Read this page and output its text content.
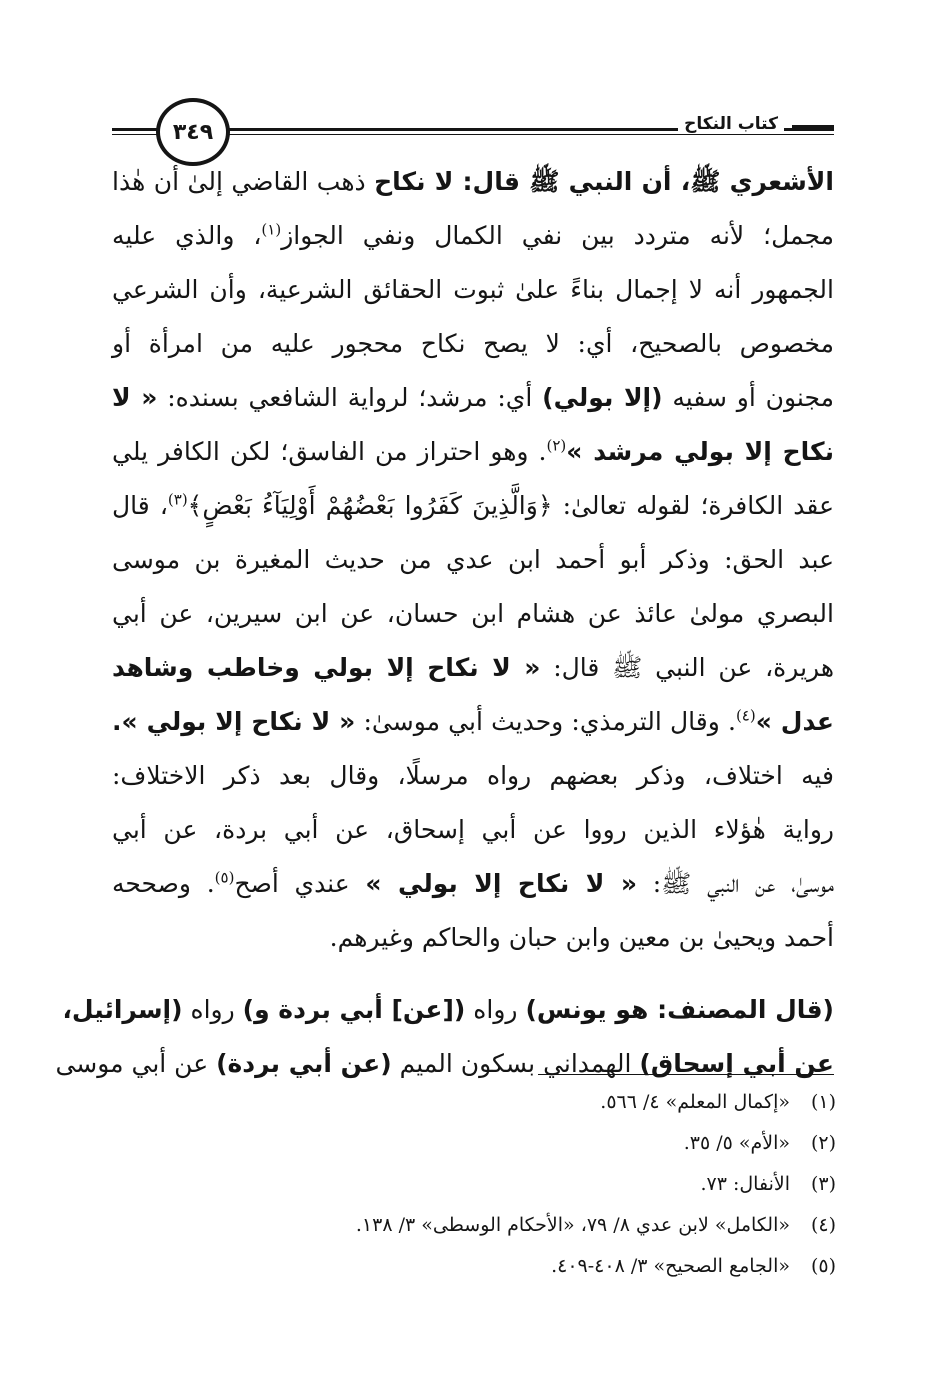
كتاب النكاح
٣٤٩
الأشعري ﷺ، أن النبي ﷺ قال: لا نكاح ذهب القاضي إلىٰ أن هٰذا
مجمل؛ لأنه متردد بين نفي الكمال ونفي الجواز$^{(١)}$، والذي عليه
الجمهور أنه لا إجمال بناءً علىٰ ثبوت الحقائق الشرعية، وأن الشرعي
مخصوص بالصحيح، أي: لا يصح نكاح محجور عليه من امرأة أو
مجنون أو سفيه (إلا بولي) أي: مرشد؛ لرواية الشافعي بسنده: « لا
نكاح إلا بولي مرشد »$^{(٢)}$. وهو احتراز من الفاسق؛ لكن الكافر يلي
عقد الكافرة؛ لقوله تعالىٰ: ﴿وَالَّذِينَ كَفَرُوا بَعْضُهُمْ أَوْلِيَآءُ بَعْضٍ﴾$^{(٣)}$، قال
عبد الحق: وذكر أبو أحمد ابن عدي من حديث المغيرة بن موسى
البصري مولىٰ عائذ عن هشام ابن حسان، عن ابن سيرين، عن أبي
هريرة، عن النبي ﷺ قال: « لا نكاح إلا بولي وخاطب وشاهد
عدل »$^{(٤)}$. وقال الترمذي: وحديث أبي موسىٰ: « لا نكاح إلا بولي ».
فيه اختلاف، وذكر بعضهم رواه مرسلًا، وقال بعد ذكر الاختلاف:
رواية هٰؤلاء الذين رووا عن أبي إسحاق، عن أبي بردة، عن أبي
موسىٰ، عن النبي ﷺ: « لا نكاح إلا بولي » عندي أصح$^{(٥)}$. وصححه
أحمد ويحيىٰ بن معين وابن حبان والحاكم وغيرهم.
(قال المصنف: هو يونس) رواه ([عن] أبي بردة و) رواه (إسرائيل،
عن أبي إسحاق) الهمداني بسكون الميم (عن أبي بردة) عن أبي موسى
(١)
«إكمال المعلم» ٤/ ٥٦٦.
(٢)
«الأم» ٥/ ٣٥.
(٣)
الأنفال: ٧٣.
(٤)
«الكامل» لابن عدي ٨/ ٧٩، «الأحكام الوسطى» ٣/ ١٣٨.
(٥)
«الجامع الصحيح» ٣/ ٤٠٨-٤٠٩.
